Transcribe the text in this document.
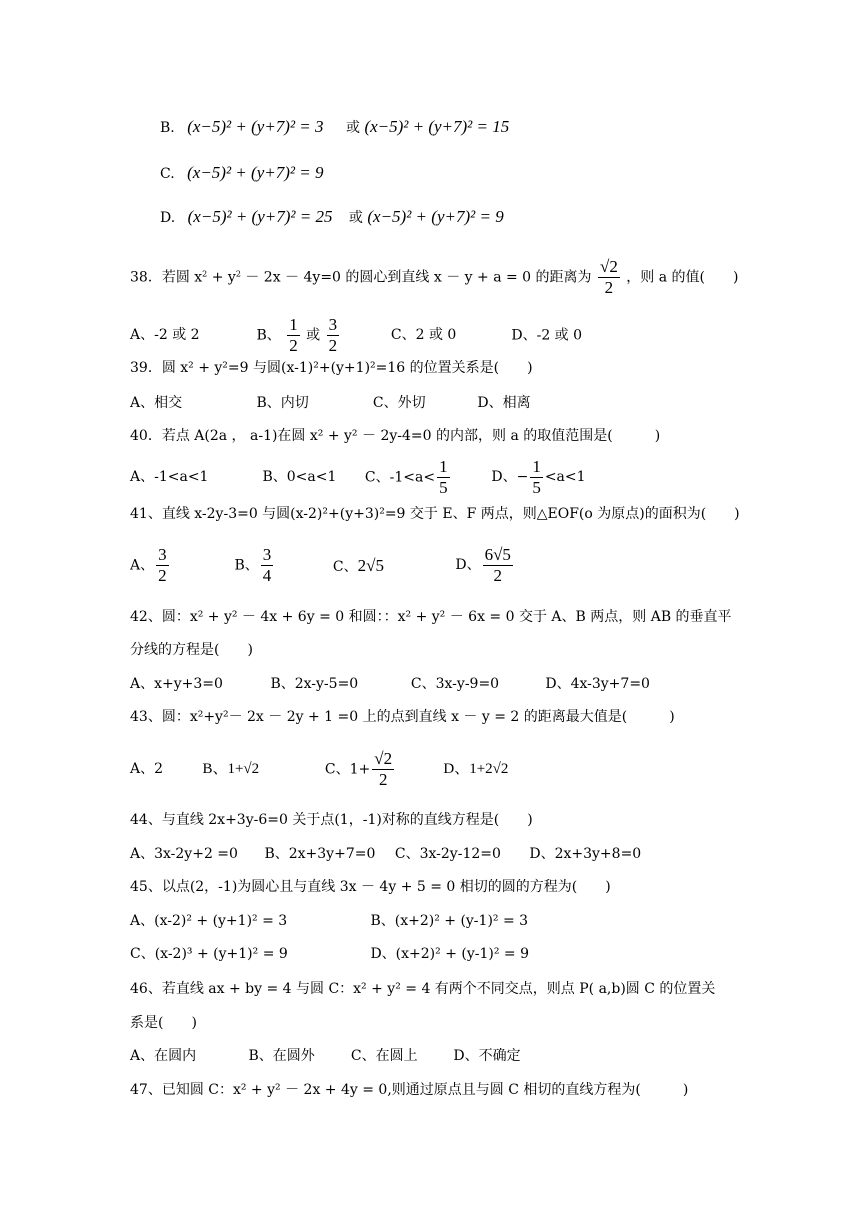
B. (x−5)² + (y+7)² = 3 或 (x−5)² + (y+7)² = 15
C. (x−5)² + (y+7)² = 9
D. (x−5)² + (y+7)² = 25 或 (x−5)² + (y+7)² = 9
38．若圆 $x^2 + y^2 - 2x - 4y=0$ 的圆心到直线 x － y + a = 0 的距离为 $\frac{√2}{2}$ ，则 a 的值(　　)
A、-2 或 2	B、 $\frac{1}{2}$ 或 $\frac{3}{2}$	C、2 或 0	D、-2 或 0
39．圆 x² + y²=9 与圆(x-1)²+(y+1)²=16 的位置关系是(　　)
A、相交	B、内切	C、外切	D、相离
40．若点 A(2a ， a-1)在圆 x² + y² － 2y-4=0 的内部，则 a 的取值范围是(　　　)
A、-1<a<1	B、0<a<1 C、$-1<a< \frac{1}{5}$	D、− $\frac{1}{5} <a<1$
41、直线 x-2y-3=0 与圆(x-2)²+(y+3)²=9 交于 E、F 两点，则△EOF(o 为原点)的面积为(　　)
A、 $\frac{3}{2}$	B、 $\frac{3}{4}$	C、2√5	D、 $\frac{6√5}{2}$
42、圆：x² + y² － 4x + 6y = 0 和圆：：x² + y² － 6x = 0 交于 A、B 两点，则 AB 的垂直平
分线的方程是(　　)
A、x+y+3=0	B、2x-y-5=0	C、3x-y-9=0	D、4x-3y+7=0
43、圆：x²+y²－ 2x － 2y + 1 =0 上的点到直线 x － y = 2 的距离最大值是(　　　)
A、2	B、1+√2	C、$1+ \frac{√2}{2}$	D、1+2√2
44、与直线 2x+3y-6=0 关于点(1，-1)对称的直线方程是(　　)
A、3x-2y+2 =0 B、2x+3y+7=0 C、3x-2y-12=0 D、2x+3y+8=0
45、以点(2，-1)为圆心且与直线 3x － 4y + 5 = 0 相切的圆的方程为(　　)
A、(x-2)² + (y+1)² = 3	B、(x+2)² + (y-1)² = 3
C、(x-2)³ + (y+1)² = 9	D、(x+2)² + (y-1)² = 9
46、若直线 ax + by = 4 与圆 C：x² + y² = 4 有两个不同交点，则点 P( a,b)圆 C 的位置关
系是(　　)
A、在圆内	B、在圆外	C、在圆上	D、不确定
47、已知圆 C：x² + y² － 2x + 4y = 0,则通过原点且与圆 C 相切的直线方程为(　　　)
